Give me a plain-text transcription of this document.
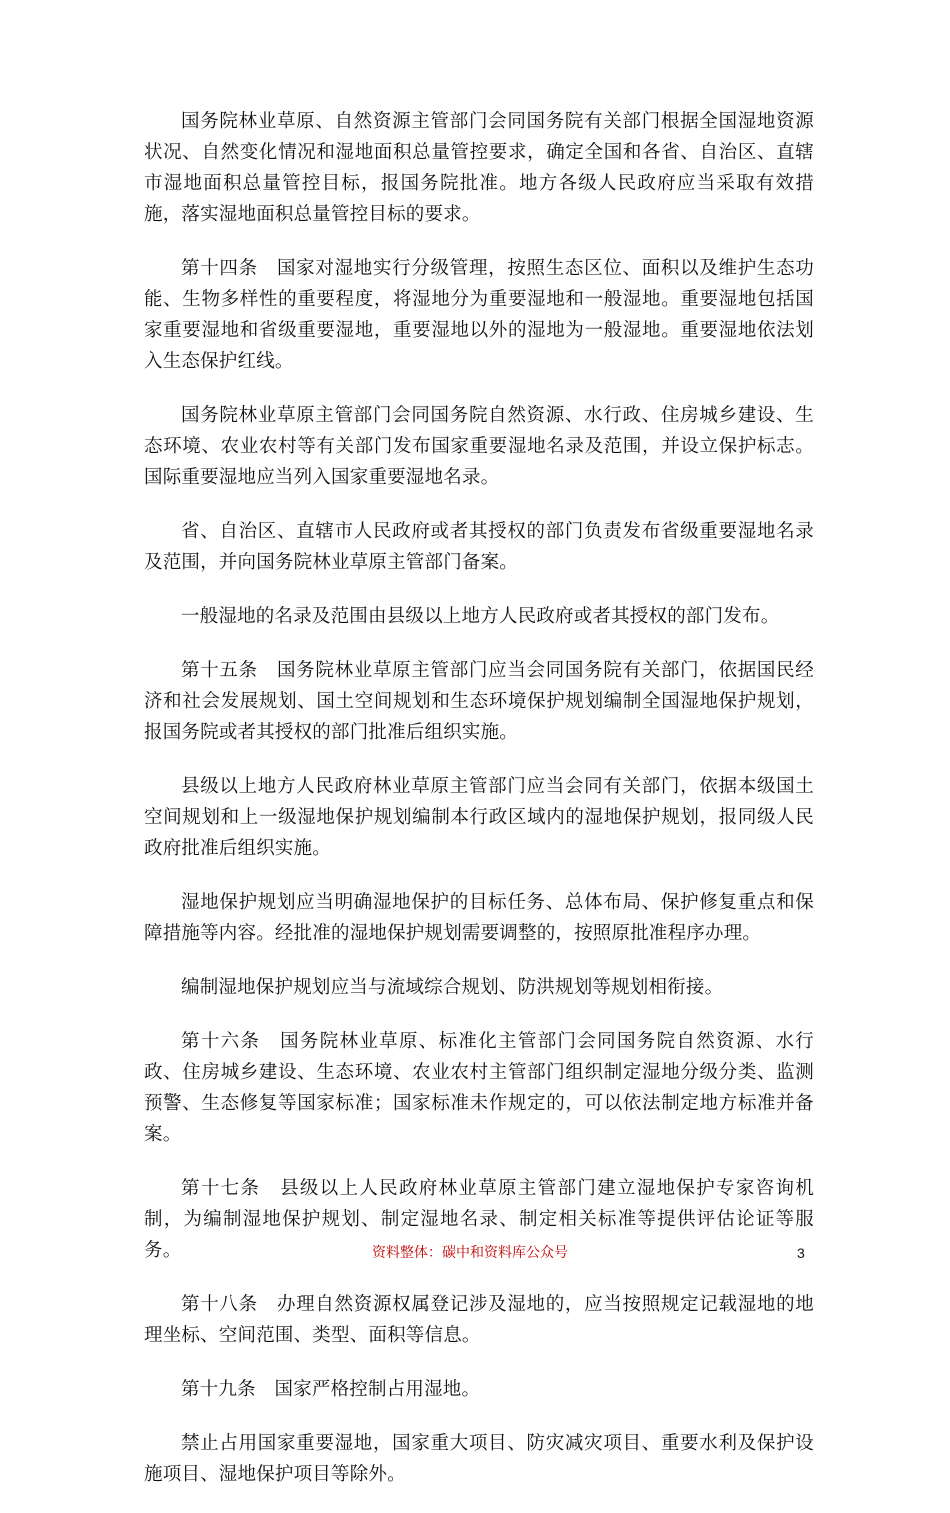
国务院林业草原、自然资源主管部门会同国务院有关部门根据全国湿地资源状况、自然变化情况和湿地面积总量管控要求，确定全国和各省、自治区、直辖市湿地面积总量管控目标，报国务院批准。地方各级人民政府应当采取有效措施，落实湿地面积总量管控目标的要求。

第十四条　国家对湿地实行分级管理，按照生态区位、面积以及维护生态功能、生物多样性的重要程度，将湿地分为重要湿地和一般湿地。重要湿地包括国家重要湿地和省级重要湿地，重要湿地以外的湿地为一般湿地。重要湿地依法划入生态保护红线。

国务院林业草原主管部门会同国务院自然资源、水行政、住房城乡建设、生态环境、农业农村等有关部门发布国家重要湿地名录及范围，并设立保护标志。国际重要湿地应当列入国家重要湿地名录。

省、自治区、直辖市人民政府或者其授权的部门负责发布省级重要湿地名录及范围，并向国务院林业草原主管部门备案。

一般湿地的名录及范围由县级以上地方人民政府或者其授权的部门发布。

第十五条　国务院林业草原主管部门应当会同国务院有关部门，依据国民经济和社会发展规划、国土空间规划和生态环境保护规划编制全国湿地保护规划，报国务院或者其授权的部门批准后组织实施。

县级以上地方人民政府林业草原主管部门应当会同有关部门，依据本级国土空间规划和上一级湿地保护规划编制本行政区域内的湿地保护规划，报同级人民政府批准后组织实施。

湿地保护规划应当明确湿地保护的目标任务、总体布局、保护修复重点和保障措施等内容。经批准的湿地保护规划需要调整的，按照原批准程序办理。

编制湿地保护规划应当与流域综合规划、防洪规划等规划相衔接。

第十六条　国务院林业草原、标准化主管部门会同国务院自然资源、水行政、住房城乡建设、生态环境、农业农村主管部门组织制定湿地分级分类、监测预警、生态修复等国家标准；国家标准未作规定的，可以依法制定地方标准并备案。

第十七条　县级以上人民政府林业草原主管部门建立湿地保护专家咨询机制，为编制湿地保护规划、制定湿地名录、制定相关标准等提供评估论证等服务。

第十八条　办理自然资源权属登记涉及湿地的，应当按照规定记载湿地的地理坐标、空间范围、类型、面积等信息。

第十九条　国家严格控制占用湿地。

禁止占用国家重要湿地，国家重大项目、防灾减灾项目、重要水利及保护设施项目、湿地保护项目等除外。

资料整体：碳中和资料库公众号	3
